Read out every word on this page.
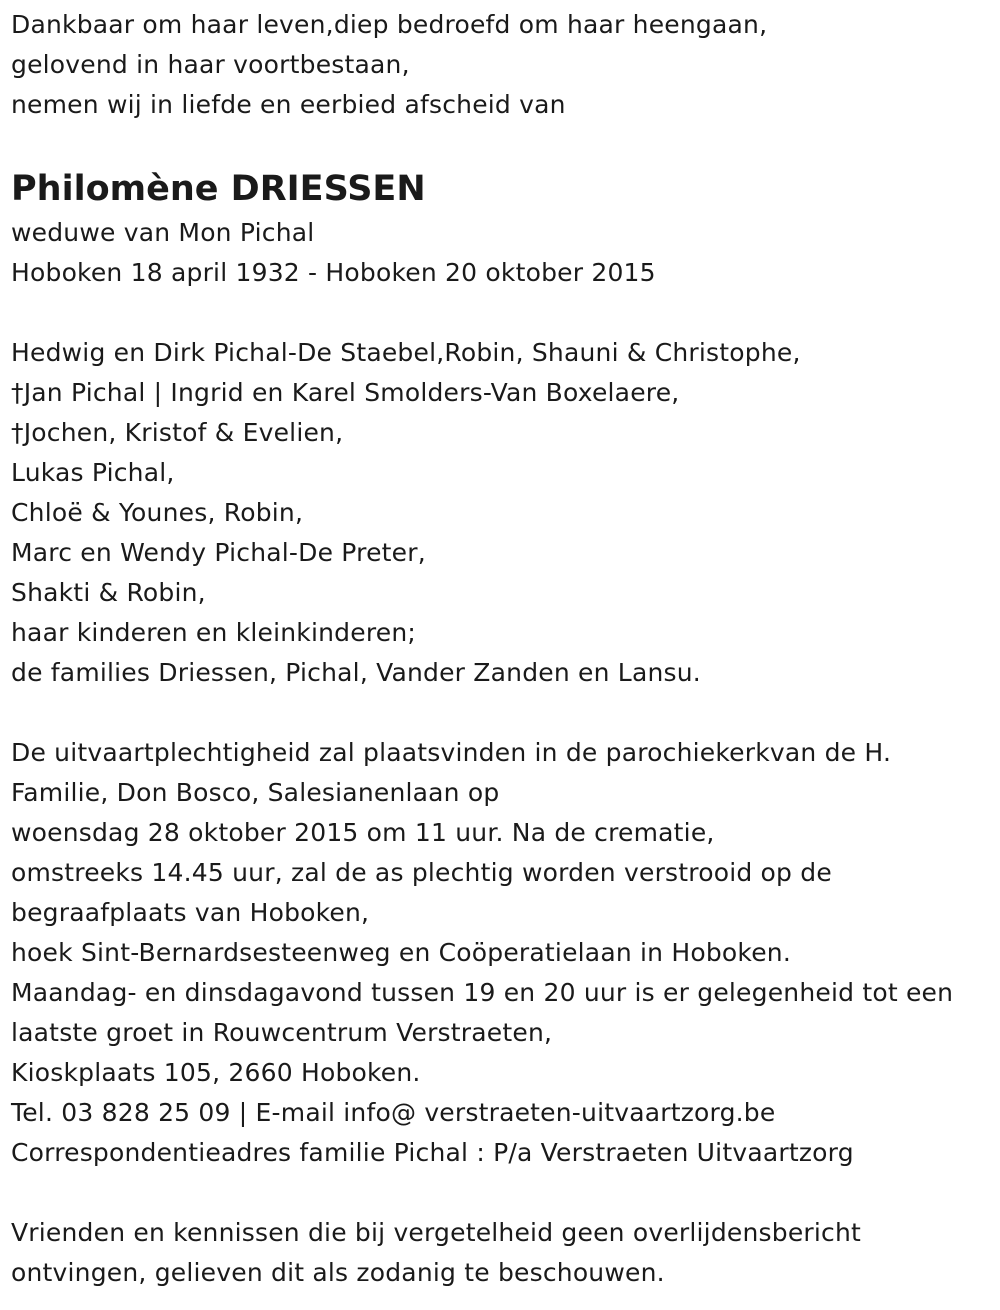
Dankbaar om haar leven,diep bedroefd om haar heengaan,
gelovend in haar voortbestaan,
nemen wij in liefde en eerbied afscheid van
Philomène DRIESSEN
weduwe van Mon Pichal
Hoboken 18 april 1932 - Hoboken 20 oktober 2015
Hedwig en Dirk Pichal-De Staebel,Robin, Shauni & Christophe,
†Jan Pichal | Ingrid en Karel Smolders-Van Boxelaere,
†Jochen, Kristof & Evelien,
Lukas Pichal,
Chloë & Younes, Robin,
Marc en Wendy Pichal-De Preter,
Shakti & Robin,
haar kinderen en kleinkinderen;
de families Driessen, Pichal, Vander Zanden en Lansu.
De uitvaartplechtigheid zal plaatsvinden in de parochiekerkvan de H.
Familie, Don Bosco, Salesianenlaan op
woensdag 28 oktober 2015 om 11 uur. Na de crematie,
omstreeks 14.45 uur, zal de as plechtig worden verstrooid op de
begraafplaats van Hoboken,
hoek Sint-Bernardsesteenweg en Coöperatielaan in Hoboken.
Maandag- en dinsdagavond tussen 19 en 20 uur is er gelegenheid tot een
laatste groet in Rouwcentrum Verstraeten,
Kioskplaats 105, 2660 Hoboken.
Tel. 03 828 25 09 | E-mail info@ verstraeten-uitvaartzorg.be
Correspondentieadres familie Pichal : P/a Verstraeten Uitvaartzorg
Vrienden en kennissen die bij vergetelheid geen overlijdensbericht
ontvingen, gelieven dit als zodanig te beschouwen.
